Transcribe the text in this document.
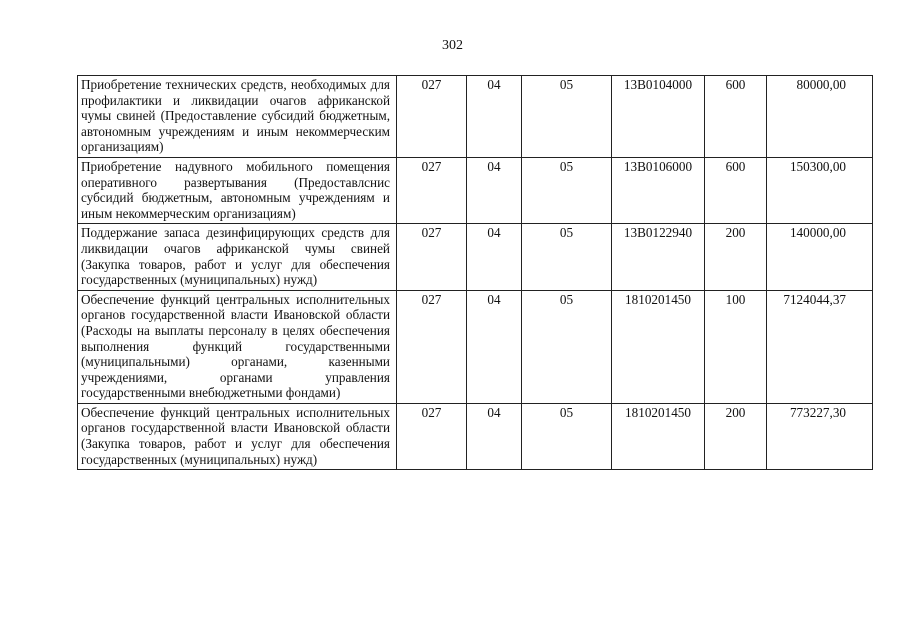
302
Приобретение технических средств, необходимых для профилактики и ликвидации очагов африканской чумы свиней (Предоставление субсидий бюджетным, автономным учреждениям и иным некоммерческим организациям)	027	04	05	13В0104000	600	80000,00
Приобретение надувного мобильного помещения оперативного развертывания (Предоставлснис субсидий бюджетным, автономным учреждениям и иным некоммерческим организациям)	027	04	05	13В0106000	600	150300,00
Поддержание запаса дезинфицирующих средств для ликвидации очагов африканской чумы свиней (Закупка товаров, работ и услуг для обеспечения государственных (муниципальных) нужд)	027	04	05	13В0122940	200	140000,00
Обеспечение функций центральных исполнительных органов государственной власти Ивановской области (Расходы на выплаты персоналу в целях обеспечения выполнения функций государственными (муниципальными) органами, казенными учреждениями, органами управления государственными внебюджетными фондами)	027	04	05	1810201450	100	7124044,37
Обеспечение функций центральных исполнительных органов государственной власти Ивановской области (Закупка товаров, работ и услуг для обеспечения государственных (муниципальных) нужд)	027	04	05	1810201450	200	773227,30
